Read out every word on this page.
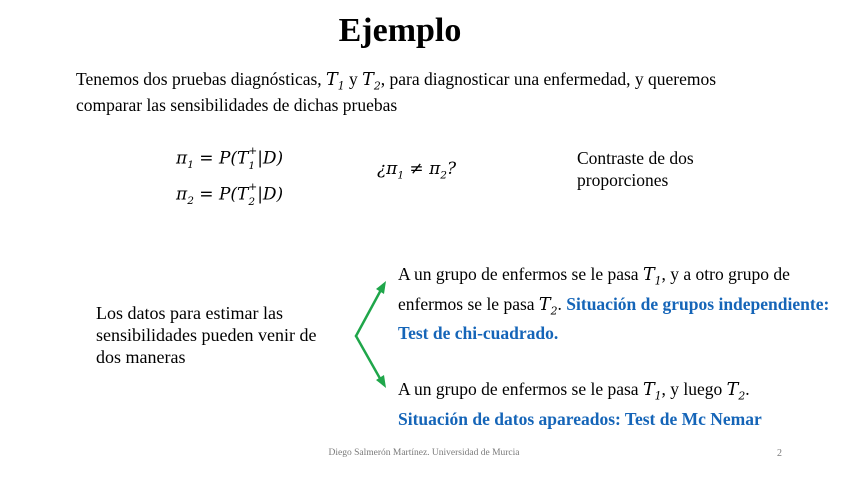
Ejemplo
Tenemos dos pruebas diagnósticas, $T_1$ y $T_2$, para diagnosticar una enfermedad, y queremos comparar las sensibilidades de dichas pruebas
$\pi_1 = P(T$ +
1 |D)
$\pi_2 = P(T$ +
2 |D)
¿$\pi_1 \ne \pi_2$?
Contraste de dos proporciones
Los datos para estimar las sensibilidades pueden venir de dos maneras
A un grupo de enfermos se le pasa $T_1$, y a otro grupo de enfermos se le pasa $T_2$. Situación de grupos independiente: Test de chi-cuadrado.
A un grupo de enfermos se le pasa $T_1$, y luego $T_2$.
Situación de datos apareados: Test de Mc Nemar
Diego Salmerón Martínez. Universidad de Murcia	2
